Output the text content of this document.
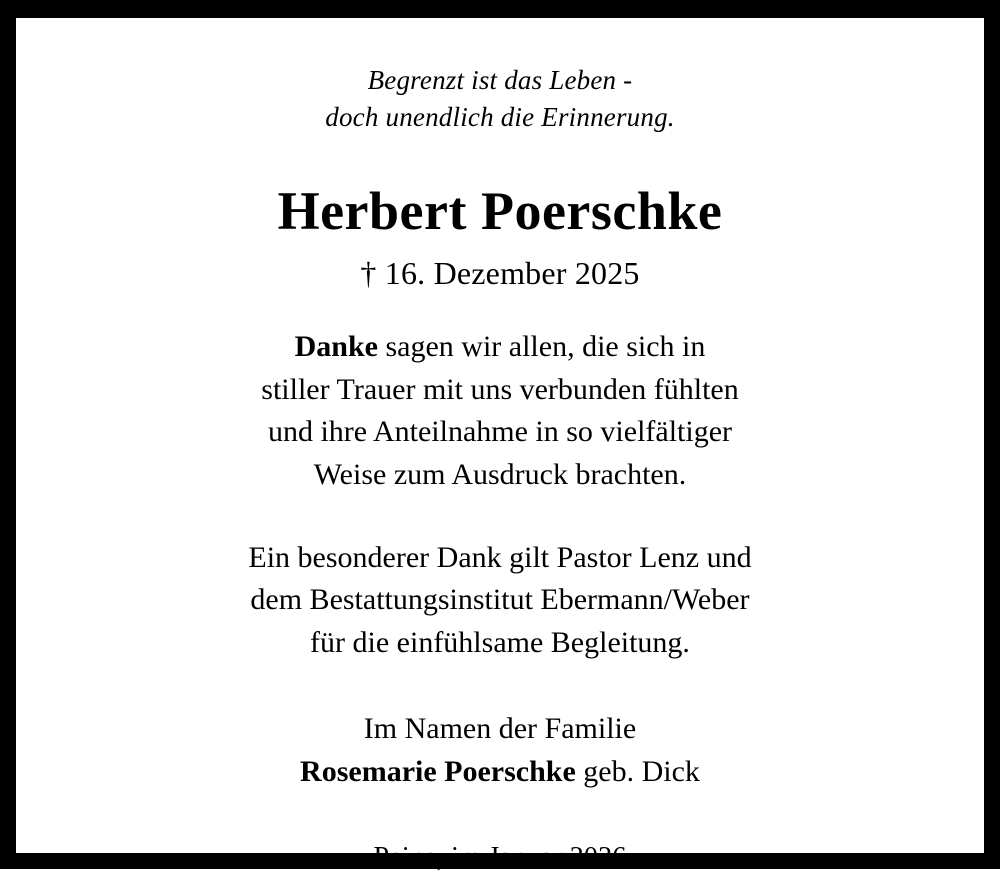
Begrenzt ist das Leben -
doch unendlich die Erinnerung.
Herbert Poerschke
† 16. Dezember 2025
Danke sagen wir allen, die sich in
stiller Trauer mit uns verbunden fühlten
und ihre Anteilnahme in so vielfältiger
Weise zum Ausdruck brachten.
Ein besonderer Dank gilt Pastor Lenz und
dem Bestattungsinstitut Ebermann/Weber
für die einfühlsame Begleitung.
Im Namen der Familie
Rosemarie Poerschke geb. Dick
Peine, im Januar 2026
